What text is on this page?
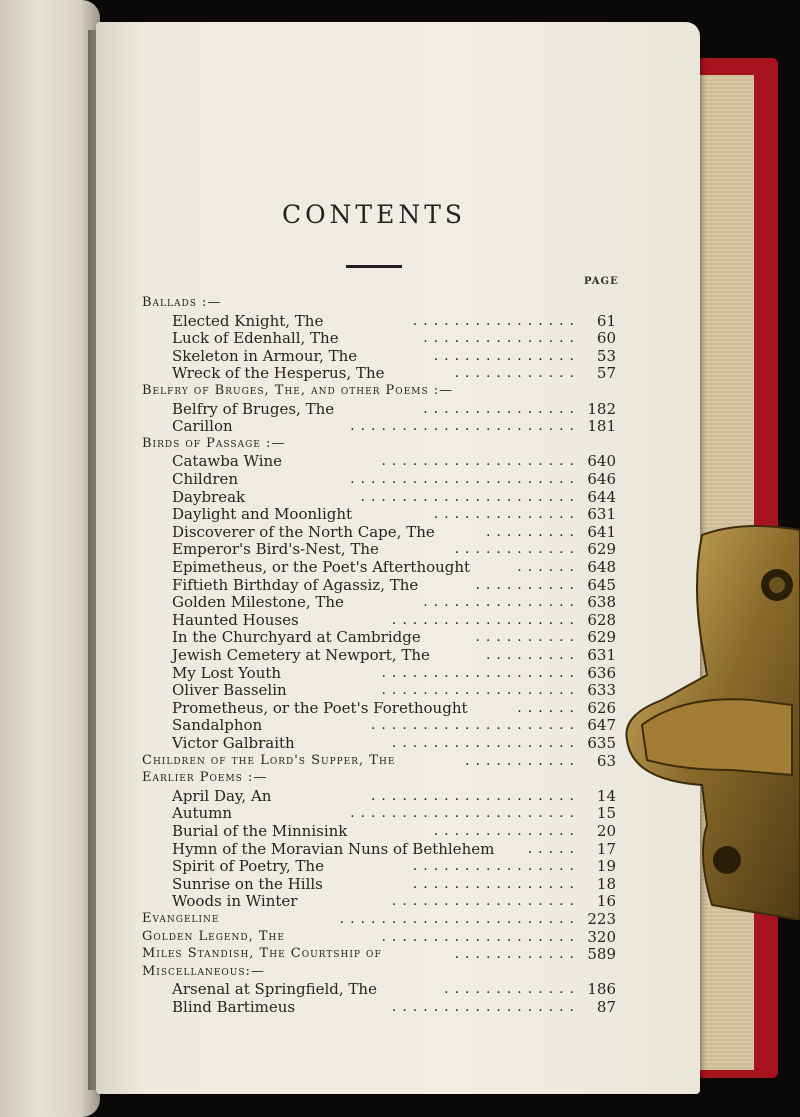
CONTENTS
PAGE
Ballads :—
Elected Knight, The	................ 61
Luck of Edenhall, The	............... 60
Skeleton in Armour, The	.............. 53
Wreck of the Hesperus, The	............ 57
Belfry of Bruges, The, and other Poems :—
Belfry of Bruges, The	............... 182
Carillon	...................... 181
Birds of Passage :—
Catawba Wine	................... 640
Children	...................... 646
Daybreak	..................... 644
Daylight and Moonlight	.............. 631
Discoverer of the North Cape, The	......... 641
Emperor's Bird's-Nest, The	............ 629
Epimetheus, or the Poet's Afterthought	...... 648
Fiftieth Birthday of Agassiz, The	.......... 645
Golden Milestone, The	............... 638
Haunted Houses	.................. 628
In the Churchyard at Cambridge	.......... 629
Jewish Cemetery at Newport, The	......... 631
My Lost Youth	................... 636
Oliver Basselin	................... 633
Prometheus, or the Poet's Forethought	...... 626
Sandalphon	.................... 647
Victor Galbraith	.................. 635
Children of the Lord's Supper, The	........... 63
Earlier Poems :—
April Day, An	.................... 14
Autumn	...................... 15
Burial of the Minnisink	.............. 20
Hymn of the Moravian Nuns of Bethlehem ..... 17
Spirit of Poetry, The	................ 19
Sunrise on the Hills	................ 18
Woods in Winter	.................. 16
Evangeline	....................... 223
Golden Legend, The	................... 320
Miles Standish, The Courtship of	............ 589
Miscellaneous:—
Arsenal at Springfield, The	............. 186
Blind Bartimeus	.................. 87
